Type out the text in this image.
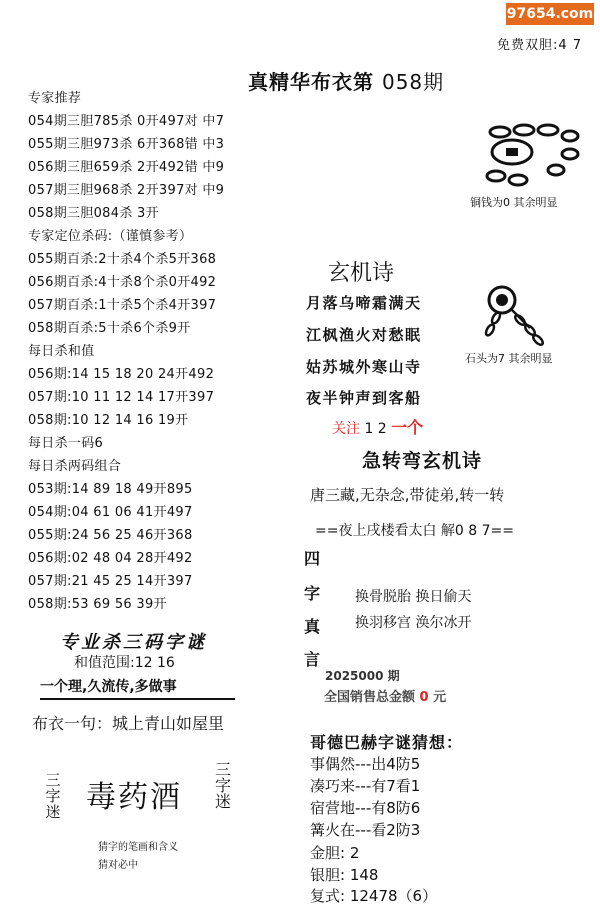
97654.com
免费双胆:4 7
真精华布衣第 058期
专家推荐
054期三胆785杀 0开497对 中7
055期三胆973杀 6开368错 中3
056期三胆659杀 2开492错 中9
057期三胆968杀 2开397对 中9
058期三胆084杀 3开
专家定位杀码:（谨慎参考）
055期百杀:2十杀4个杀5开368
056期百杀:4十杀8个杀0开492
057期百杀:1十杀5个杀4开397
058期百杀:5十杀6个杀9开
每日杀和值
056期:14 15 18 20 24开492
057期:10 11 12 14 17开397
058期:10 12 14 16 19开
每日杀一码6
每日杀两码组合
053期:14 89 18 49开895
054期:04 61 06 41开497
055期:24 56 25 46开368
056期:02 48 04 28开492
057期:21 45 25 14开397
058期:53 69 56 39开
专业杀三码字谜
和值范围:12 16
一个理,久流传,多做事
布衣一句：城上青山如屋里
三字迷 毒药酒
三字迷
猜字的笔画和含义
猜对必中
铜钱为0 其余明显
石头为7 其余明显
玄机诗
月落乌啼霜满天
江枫渔火对愁眠
姑苏城外寒山寺
夜半钟声到客船
关注 1 2 一个
急转弯玄机诗
唐三藏,无杂念,带徒弟,转一转
==夜上戌楼看太白 解0 8 7==
四
字
真
言
换骨脱胎 换日偷天
换羽移宫 涣尔冰开
2025000 期
全国销售总金额 0 元
哥德巴赫字谜猜想：
事偶然---出4防5
凑巧来---有7看1
宿营地---有8防6
篝火在---看2防3
金胆: 2
银胆: 148
复式: 12478（6）
